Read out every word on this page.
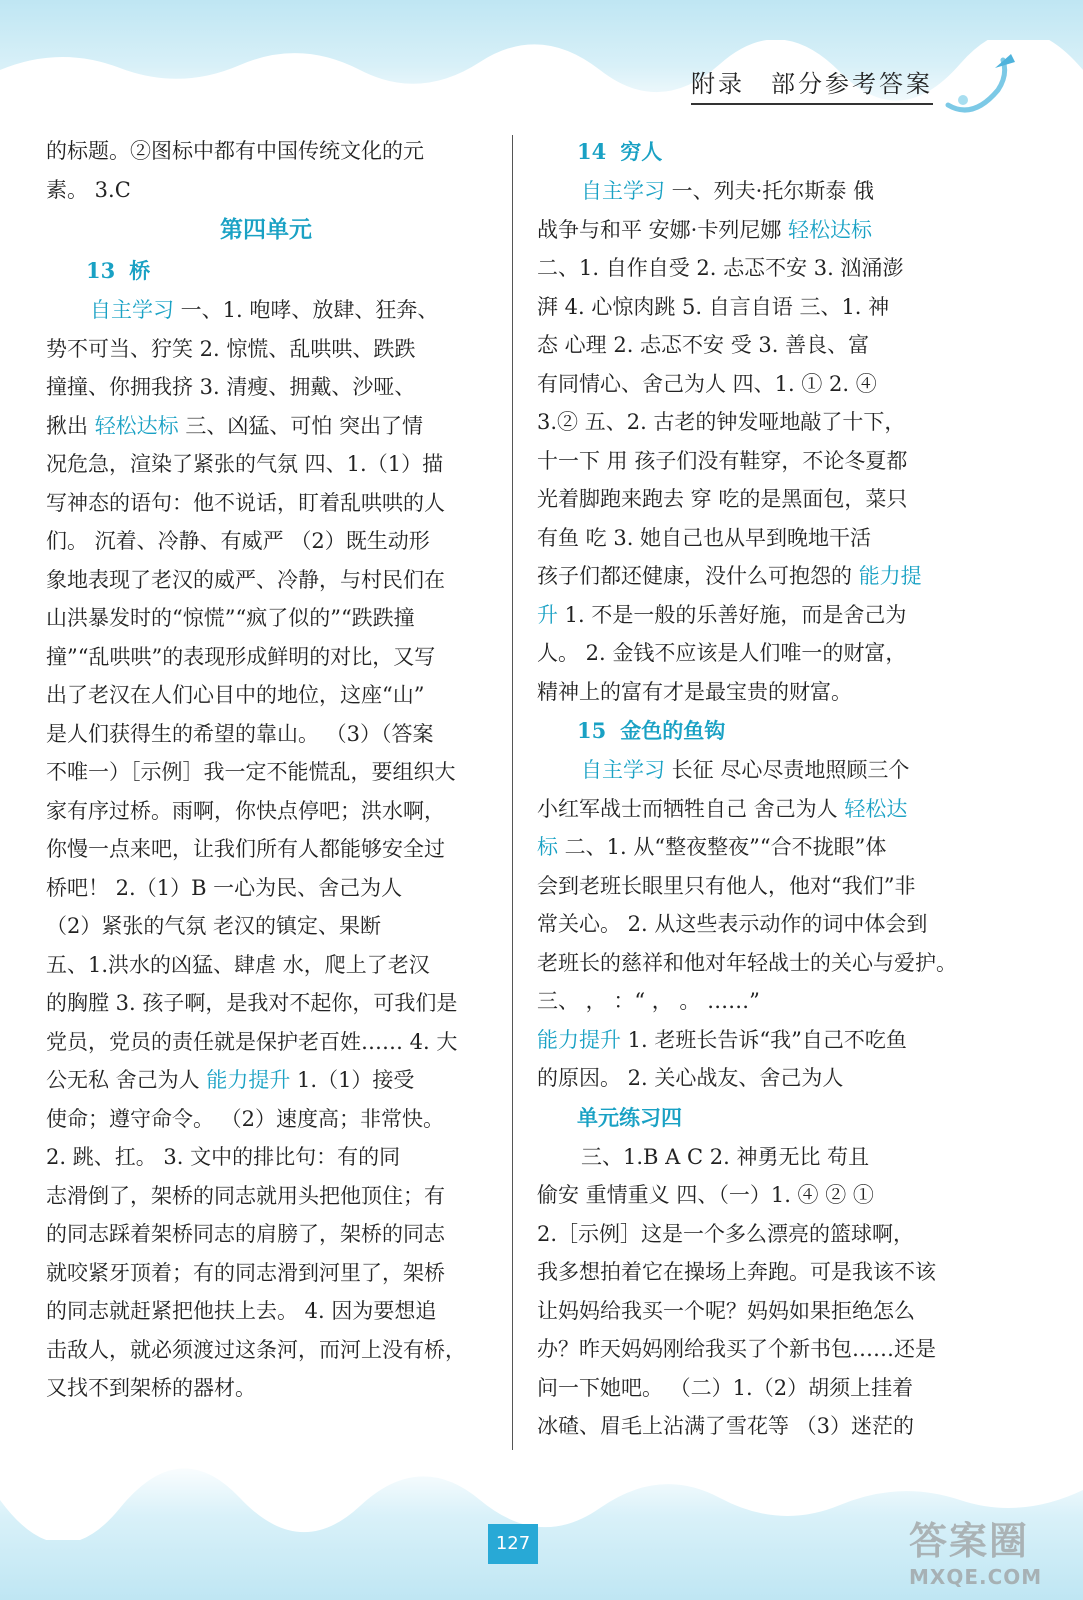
附录 部分参考答案
的标题。②图标中都有中国传统文化的元
素。 3.C
第四单元
13 桥
自主学习 一、1. 咆哮、放肆、狂奔、
势不可当、狞笑 2. 惊慌、乱哄哄、跌跌
撞撞、你拥我挤 3. 清瘦、拥戴、沙哑、
揪出 轻松达标 三、凶猛、可怕 突出了情
况危急，渲染了紧张的气氛 四、1.（1）描
写神态的语句：他不说话，盯着乱哄哄的人
们。 沉着、冷静、有威严 （2）既生动形
象地表现了老汉的威严、冷静，与村民们在
山洪暴发时的“惊慌”“疯了似的”“跌跌撞
撞”“乱哄哄”的表现形成鲜明的对比，又写
出了老汉在人们心目中的地位，这座“山”
是人们获得生的希望的靠山。 （3）（答案
不唯一）［示例］我一定不能慌乱，要组织大
家有序过桥。雨啊，你快点停吧；洪水啊，
你慢一点来吧，让我们所有人都能够安全过
桥吧！ 2.（1）B 一心为民、舍己为人
（2）紧张的气氛 老汉的镇定、果断
五、1.洪水的凶猛、肆虐 水，爬上了老汉
的胸膛 3. 孩子啊，是我对不起你，可我们是
党员，党员的责任就是保护老百姓…… 4. 大
公无私 舍己为人 能力提升 1.（1）接受
使命；遵守命令。 （2）速度高；非常快。
2. 跳、扛。 3. 文中的排比句：有的同
志滑倒了，架桥的同志就用头把他顶住；有
的同志踩着架桥同志的肩膀了，架桥的同志
就咬紧牙顶着；有的同志滑到河里了，架桥
的同志就赶紧把他扶上去。 4. 因为要想追
击敌人，就必须渡过这条河，而河上没有桥，
又找不到架桥的器材。
14 穷人
自主学习 一、列夫·托尔斯泰 俄
战争与和平 安娜·卡列尼娜 轻松达标
二、1. 自作自受 2. 忐忑不安 3. 汹涌澎
湃 4. 心惊肉跳 5. 自言自语 三、1. 神
态 心理 2. 忐忑不安 受 3. 善良、富
有同情心、舍己为人 四、1. ① 2. ④
3.② 五、2. 古老的钟发哑地敲了十下，
十一下 用 孩子们没有鞋穿，不论冬夏都
光着脚跑来跑去 穿 吃的是黑面包，菜只
有鱼 吃 3. 她自己也从早到晚地干活
孩子们都还健康，没什么可抱怨的 能力提
升 1. 不是一般的乐善好施，而是舍己为
人。 2. 金钱不应该是人们唯一的财富，
精神上的富有才是最宝贵的财富。
15 金色的鱼钩
自主学习 长征 尽心尽责地照顾三个
小红军战士而牺牲自己 舍己为人 轻松达
标 二、1. 从“整夜整夜”“合不拢眼”体
会到老班长眼里只有他人，他对“我们”非
常关心。 2. 从这些表示动作的词中体会到
老班长的慈祥和他对年轻战士的关心与爱护。
三、 ， ：“ ， 。 ……”
能力提升 1. 老班长告诉“我”自己不吃鱼
的原因。 2. 关心战友、舍己为人
单元练习四
三、1.B A C 2. 神勇无比 苟且
偷安 重情重义 四、（一）1. ④ ② ①
2.［示例］这是一个多么漂亮的篮球啊，
我多想拍着它在操场上奔跑。可是我该不该
让妈妈给我买一个呢？妈妈如果拒绝怎么
办？昨天妈妈刚给我买了个新书包……还是
问一下她吧。 （二）1.（2）胡须上挂着
冰碴、眉毛上沾满了雪花等 （3）迷茫的
127	答案圈
MXQE.COM
